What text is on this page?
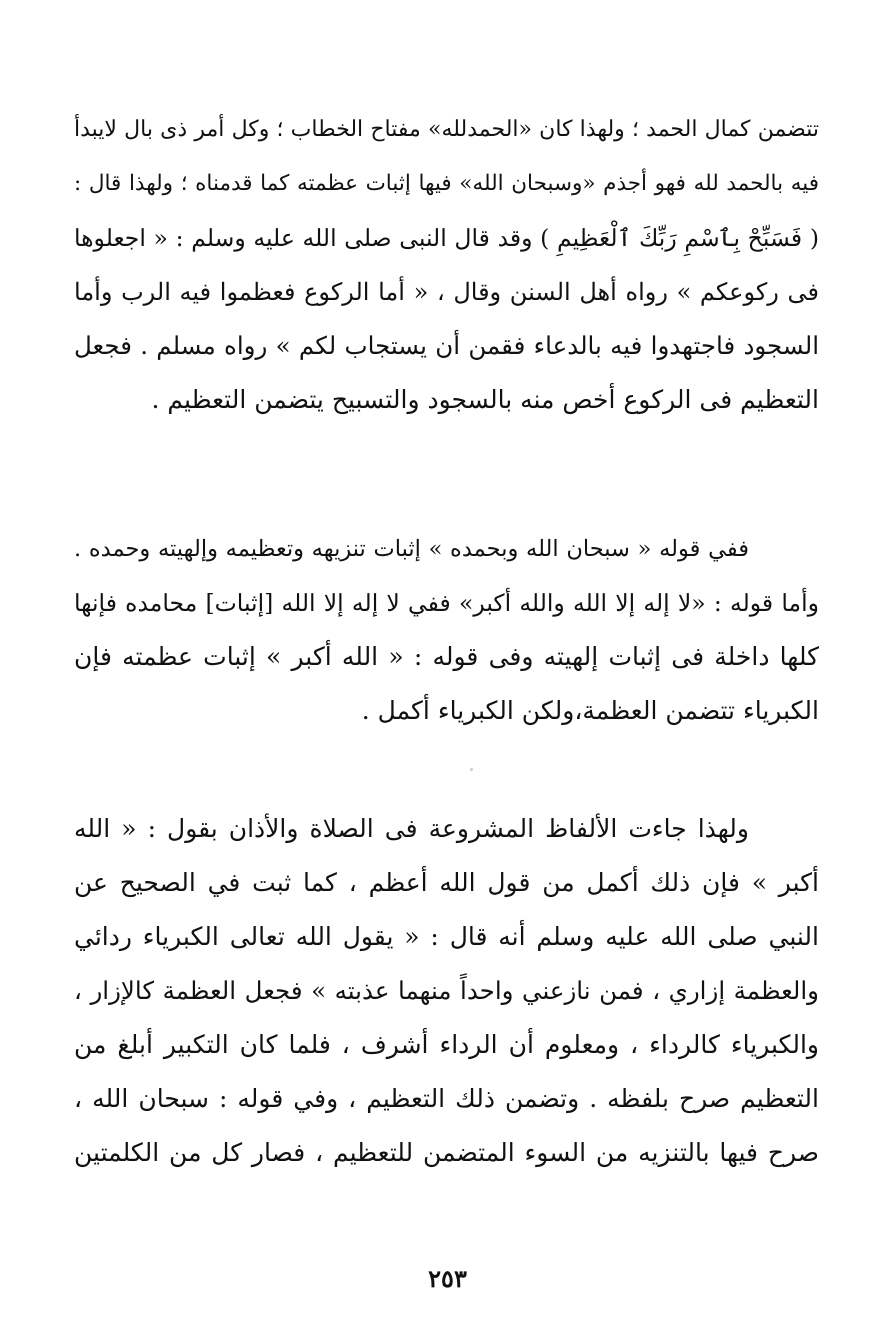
تتضمن كمال الحمد ؛ ولهذا كان «الحمدلله» مفتاح الخطاب ؛ وكل أمر ذى بال لايبدأ
فيه بالحمد لله فهو أجذم «وسبحان الله» فيها إثبات عظمته كما قدمناه ؛ ولهذا قال :
( فَسَبِّحْ بِٱسْمِ رَبِّكَ ٱلْعَظِيمِ ) وقد قال النبى صلى الله عليه وسلم : « اجعلوها
فى ركوعكم » رواه أهل السنن وقال ، « أما الركوع فعظموا فيه الرب وأما
السجود فاجتهدوا فيه بالدعاء فقمن أن يستجاب لكم » رواه مسلم . فجعل
التعظيم فى الركوع أخص منه بالسجود والتسبيح يتضمن التعظيم .
ففي قوله « سبحان الله وبحمده » إثبات تنزيهه وتعظيمه وإلهيته وحمده .
وأما قوله : «لا إله إلا الله والله أكبر» ففي لا إله إلا الله [إثبات] محامده فإنها
كلها داخلة فى إثبات إلهيته وفى قوله : « الله أكبر » إثبات عظمته فإن
الكبرياء تتضمن العظمة،ولكن الكبرياء أكمل .
ولهذا جاءت الألفاظ المشروعة فى الصلاة والأذان بقول : « الله
أكبر » فإن ذلك أكمل من قول الله أعظم ، كما ثبت في الصحيح عن
النبي صلى الله عليه وسلم أنه قال : « يقول الله تعالى الكبرياء ردائي
والعظمة إزاري ، فمن نازعني واحداً منهما عذبته » فجعل العظمة كالإزار ،
والكبرياء كالرداء ، ومعلوم أن الرداء أشرف ، فلما كان التكبير أبلغ من
التعظيم صرح بلفظه . وتضمن ذلك التعظيم ، وفي قوله : سبحان الله ،
صرح فيها بالتنزيه من السوء المتضمن للتعظيم ، فصار كل من الكلمتين
٢٥٣
